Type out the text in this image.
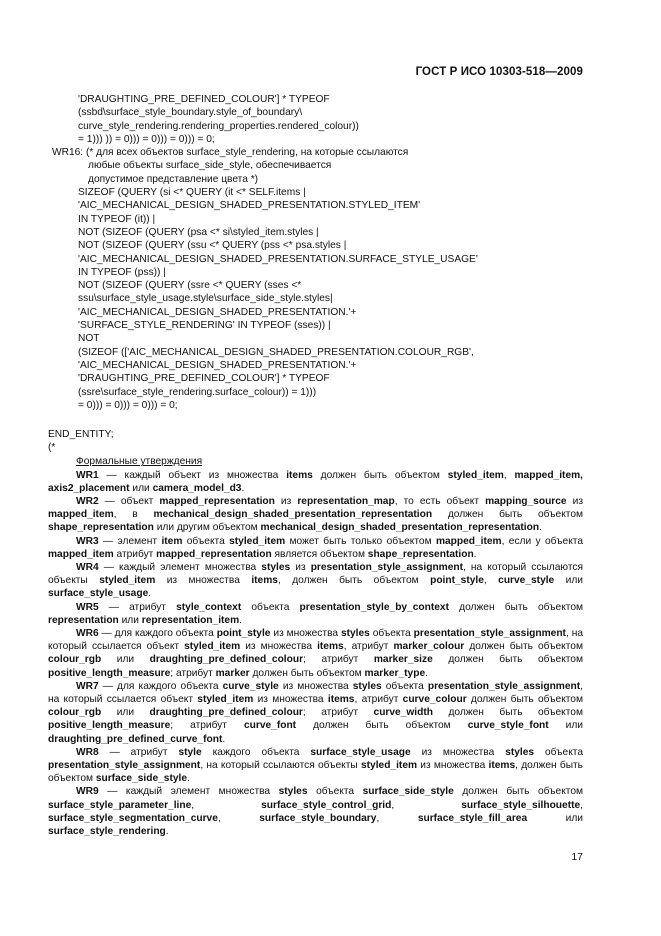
ГОСТ Р ИСО 10303-518—2009
'DRAUGHTING_PRE_DEFINED_COLOUR'] * TYPEOF
(ssbd\surface_style_boundary.style_of_boundary\
curve_style_rendering.rendering_properties.rendered_colour))
= 1))) )) = 0))) = 0))) = 0))) = 0;
WR16: (* для всех объектов surface_style_rendering, на которые ссылаются
любые объекты surface_side_style, обеспечивается
допустимое представление цвета *)
SIZEOF (QUERY (si <* QUERY (it <* SELF.items |
'AIC_MECHANICAL_DESIGN_SHADED_PRESENTATION.STYLED_ITEM'
IN TYPEOF (it)) |
NOT (SIZEOF (QUERY (psa <* si\styled_item.styles |
NOT (SIZEOF (QUERY (ssu <* QUERY (pss <* psa.styles |
'AIC_MECHANICAL_DESIGN_SHADED_PRESENTATION.SURFACE_STYLE_USAGE'
IN TYPEOF (pss)) |
NOT (SIZEOF (QUERY (ssre <* QUERY (sses <*
ssu\surface_style_usage.style\surface_side_style.styles|
'AIC_MECHANICAL_DESIGN_SHADED_PRESENTATION.'+
'SURFACE_STYLE_RENDERING' IN TYPEOF (sses)) |
NOT
(SIZEOF (['AIC_MECHANICAL_DESIGN_SHADED_PRESENTATION.COLOUR_RGB',
'AIC_MECHANICAL_DESIGN_SHADED_PRESENTATION.'+
'DRAUGHTING_PRE_DEFINED_COLOUR'] * TYPEOF
(ssre\surface_style_rendering.surface_colour)) = 1)))
= 0))) = 0))) = 0))) = 0;
END_ENTITY;
(*
Формальные утверждения

WR1 — каждый объект из множества items должен быть объектом styled_item, mapped_item, axis2_placement или camera_model_d3.

WR2 — объект mapped_representation из representation_map, то есть объект mapping_source из mapped_item, в mechanical_design_shaded_presentation_representation должен быть объектом shape_representation или другим объектом mechanical_design_shaded_presentation_representation.

WR3 — элемент item объекта styled_item может быть только объектом mapped_item, если у объекта mapped_item атрибут mapped_representation является объектом shape_representation.

WR4 — каждый элемент множества styles из presentation_style_assignment, на который ссылаются объекты styled_item из множества items, должен быть объектом point_style, curve_style или surface_style_usage.

WR5 — атрибут style_context объекта presentation_style_by_context должен быть объектом representation или representation_item.

WR6 — для каждого объекта point_style из множества styles объекта presentation_style_assignment, на который ссылается объект styled_item из множества items, атрибут marker_colour должен быть объектом colour_rgb или draughting_pre_defined_colour; атрибут marker_size должен быть объектом positive_length_measure; атрибут marker должен быть объектом marker_type.

WR7 — для каждого объекта curve_style из множества styles объекта presentation_style_assignment, на который ссылается объект styled_item из множества items, атрибут curve_colour должен быть объектом colour_rgb или draughting_pre_defined_colour; атрибут curve_width должен быть объектом positive_length_measure; атрибут curve_font должен быть объектом curve_style_font или draughting_pre_defined_curve_font.

WR8 — атрибут style каждого объекта surface_style_usage из множества styles объекта presentation_style_assignment, на который ссылаются объекты styled_item из множества items, должен быть объектом surface_side_style.

WR9 — каждый элемент множества styles объекта surface_side_style должен быть объектом surface_style_parameter_line, surface_style_control_grid, surface_style_silhouette, surface_style_segmentation_curve, surface_style_boundary, surface_style_fill_area или surface_style_rendering.

17
